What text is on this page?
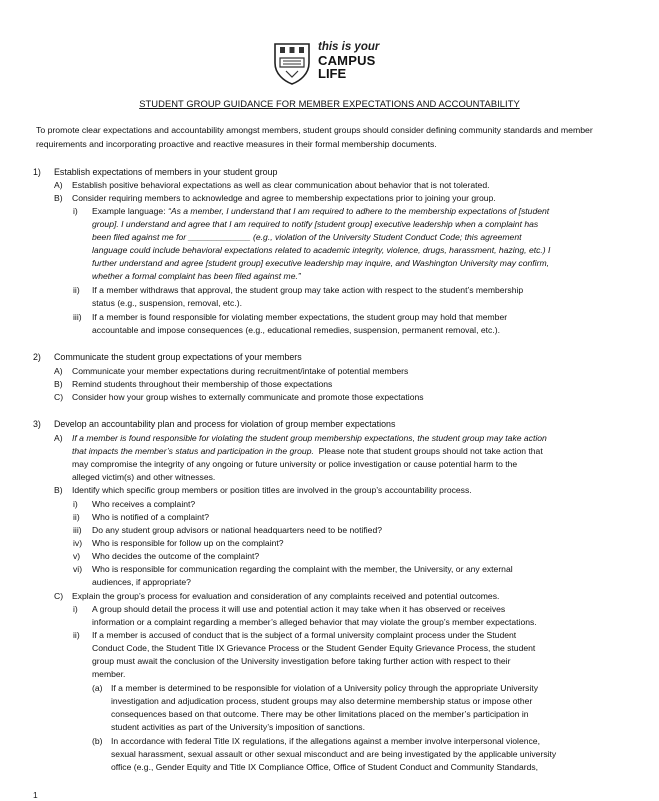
this is your
CAMPUS
LIFE
STUDENT GROUP GUIDANCE FOR MEMBER EXPECTATIONS AND ACCOUNTABILITY
To promote clear expectations and accountability amongst members, student groups should consider defining community standards and member requirements and incorporating proactive and reactive measures in their formal membership documents.
1) Establish expectations of members in your student group
A) Establish positive behavioral expectations as well as clear communication about behavior that is not tolerated.
B) Consider requiring members to acknowledge and agree to membership expectations prior to joining your group.
i) Example language: “As a member, I understand that I am required to adhere to the membership expectations of [student
group]. I understand and agree that I am required to notify [student group] executive leadership when a complaint has
been filed against me for _____________ (e.g., violation of the University Student Conduct Code; this agreement
language could include behavioral expectations related to academic integrity, violence, drugs, harassment, hazing, etc.) I
further understand and agree [student group] executive leadership may inquire, and Washington University may confirm,
whether a formal complaint has been filed against me.”
ii) If a member withdraws that approval, the student group may take action with respect to the student’s membership
status (e.g., suspension, removal, etc.).
iii) If a member is found responsible for violating member expectations, the student group may hold that member
accountable and impose consequences (e.g., educational remedies, suspension, permanent removal, etc.).
2) Communicate the student group expectations of your members
A) Communicate your member expectations during recruitment/intake of potential members
B) Remind students throughout their membership of those expectations
C) Consider how your group wishes to externally communicate and promote those expectations
3) Develop an accountability plan and process for violation of group member expectations
A) If a member is found responsible for violating the student group membership expectations, the student group may take action
that impacts the member’s status and participation in the group. Please note that student groups should not take action that
may compromise the integrity of any ongoing or future university or police investigation or cause potential harm to the
alleged victim(s) and other witnesses.
B) Identify which specific group members or position titles are involved in the group’s accountability process.
i) Who receives a complaint?
ii) Who is notified of a complaint?
iii) Do any student group advisors or national headquarters need to be notified?
iv) Who is responsible for follow up on the complaint?
v) Who decides the outcome of the complaint?
vi) Who is responsible for communication regarding the complaint with the member, the University, or any external
audiences, if appropriate?
C) Explain the group’s process for evaluation and consideration of any complaints received and potential outcomes.
i) A group should detail the process it will use and potential action it may take when it has observed or receives
information or a complaint regarding a member’s alleged behavior that may violate the group’s member expectations.
ii) If a member is accused of conduct that is the subject of a formal university complaint process under the Student
Conduct Code, the Student Title IX Grievance Process or the Student Gender Equity Grievance Process, the student
group must await the conclusion of the University investigation before taking further action with respect to their
member.
(a) If a member is determined to be responsible for violation of a University policy through the appropriate University
investigation and adjudication process, student groups may also determine membership status or impose other
consequences based on that outcome. There may be other limitations placed on the member’s participation in
student activities as part of the University’s imposition of sanctions.
(b) In accordance with federal Title IX regulations, if the allegations against a member involve interpersonal violence,
sexual harassment, sexual assault or other sexual misconduct and are being investigated by the applicable university
office (e.g., Gender Equity and Title IX Compliance Office, Office of Student Conduct and Community Standards,
1
